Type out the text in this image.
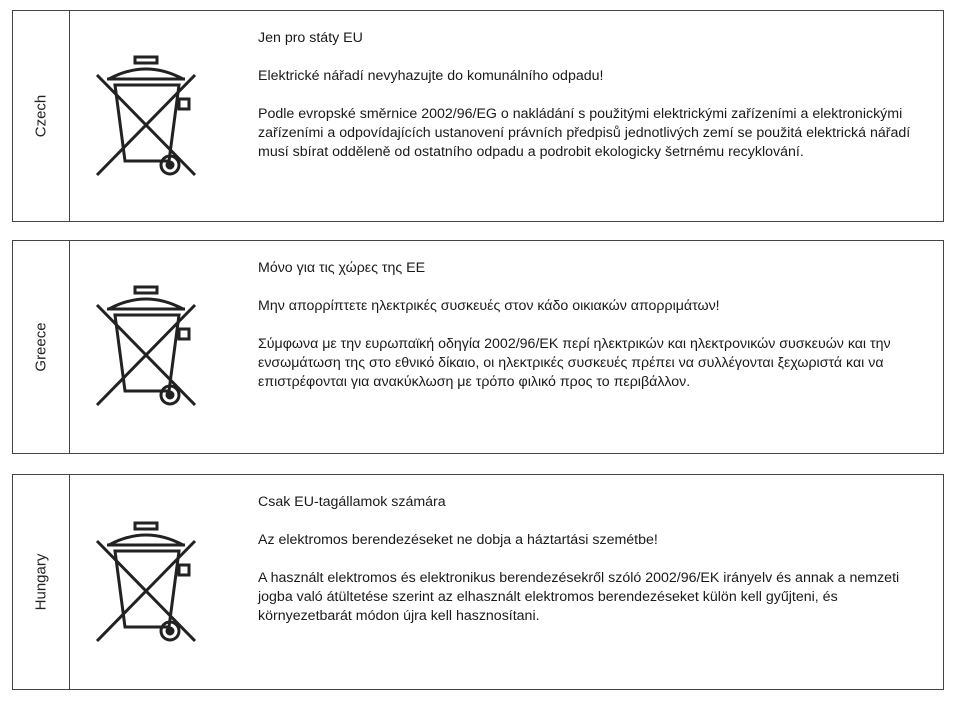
Czech

Jen pro státy EU

Elektrické nářadí nevyhazujte do komunálního odpadu!

Podle evropské směrnice 2002/96/EG o nakládání s použitými elektrickými zařízeními a elektronickými zařízeními a odpovídajících ustanovení právních předpisů jednotlivých zemí se použitá elektrická nářadí musí sbírat odděleně od ostatního odpadu a podrobit ekologicky šetrnému recyklování.

Greece

Μόνο για τις χώρες της ΕΕ

Μην απορρίπτετε ηλεκτρικές συσκευές στον κάδο οικιακών απορριμάτων!

Σύμφωνα με την ευρωπαϊκή οδηγία 2002/96/ΕΚ περί ηλεκτρικών και ηλεκτρονικών συσκευών και την ενσωμάτωση της στο εθνικό δίκαιο, οι ηλεκτρικές συσκευές πρέπει να συλλέγονται ξεχωριστά και να επιστρέφονται για ανακύκλωση με τρόπο φιλικό προς το περιβάλλον.

Hungary

Csak EU-tagállamok számára

Az elektromos berendezéseket ne dobja a háztartási szemétbe!

A használt elektromos és elektronikus berendezésekről szóló 2002/96/EK irányelv és annak a nemzeti jogba való átültetése szerint az elhasznált elektromos berendezéseket külön kell gyűjteni, és környezetbarát módon újra kell hasznosítani.
